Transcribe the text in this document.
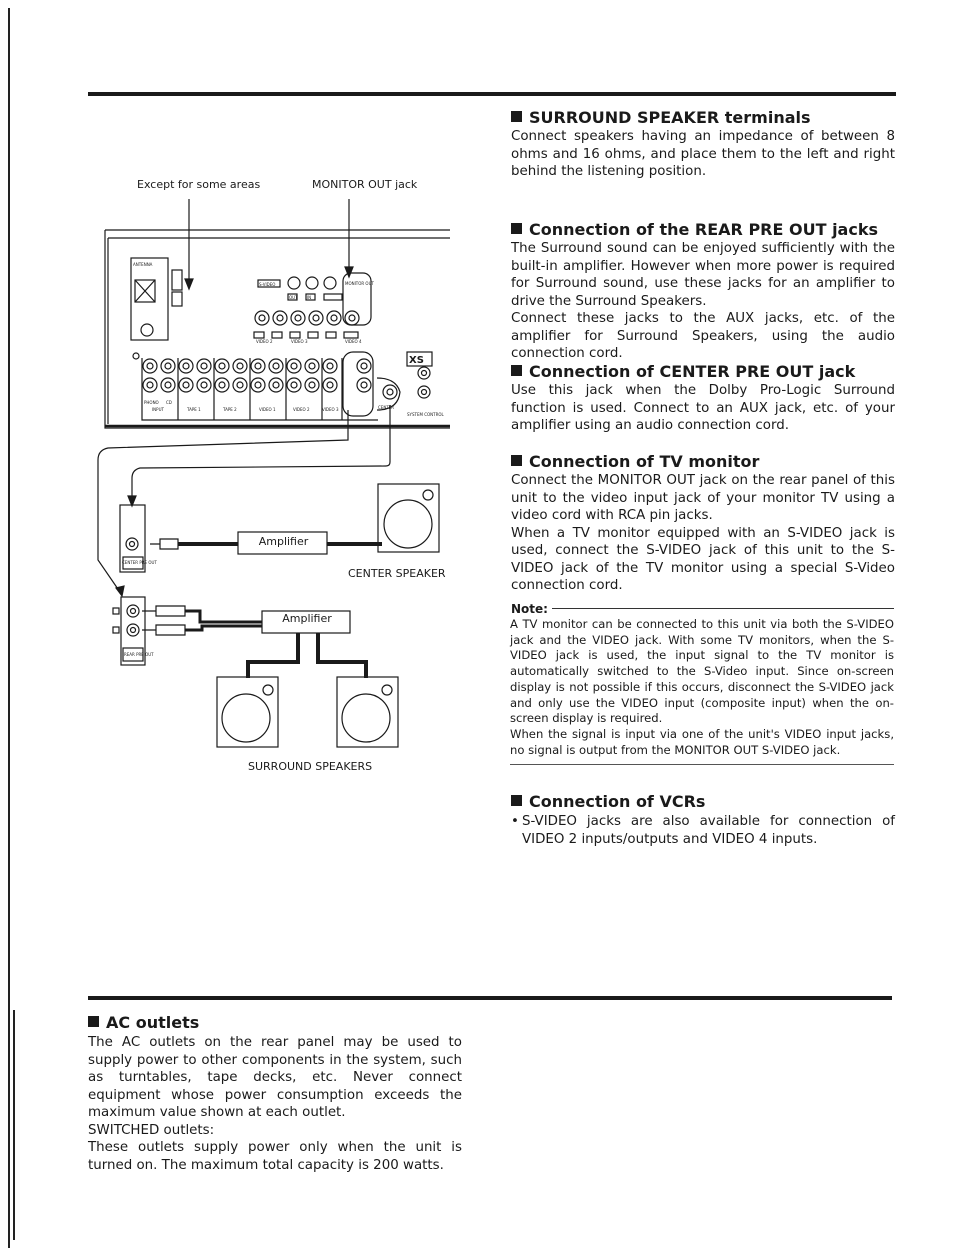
SURROUND SPEAKER terminals

Connect speakers having an impedance of between 8 ohms and 16 ohms, and place them to the left and right behind the listening position.

Connection of the REAR PRE OUT jacks

The Surround sound can be enjoyed sufficiently with the built-in amplifier. However when more power is required for Surround sound, use these jacks for an amplifier to drive the Surround Speakers.

Connect these jacks to the AUX jacks, etc. of the amplifier for Surround Speakers, using the audio connection cord.

Connection of CENTER PRE OUT jack

Use this jack when the Dolby Pro-Logic Surround function is used. Connect to an AUX jack, etc. of your amplifier using an audio connection cord.

Connection of TV monitor

Connect the MONITOR OUT jack on the rear panel of this unit to the video input jack of your monitor TV using a video cord with RCA pin jacks.

When a TV monitor equipped with an S-VIDEO jack is used, connect the S-VIDEO jack of this unit to the S-VIDEO jack of the TV monitor using a special S-Video connection cord.

Note:

A TV monitor can be connected to this unit via both the S-VIDEO jack and the VIDEO jack. With some TV monitors, when the S-VIDEO jack is used, the input signal to the TV monitor is automatically switched to the S-Video input. Since on-screen display is not possible if this occurs, disconnect the S-VIDEO jack and only use the VIDEO input (composite input) when the on-screen display is required.

When the signal is input via one of the unit's VIDEO input jacks, no signal is output from the MONITOR OUT S-VIDEO jack.

Connection of VCRs
• S-VIDEO jacks are also available for connection of VIDEO 2 inputs/outputs and VIDEO 4 inputs.
AC outlets

The AC outlets on the rear panel may be used to supply power to other components in the system, such as turntables, tape decks, etc. Never connect equipment whose power consumption exceeds the maximum value shown at each outlet.

SWITCHED outlets:

These outlets supply power only when the unit is turned on. The maximum total capacity is 200 watts.

Except for some areas	MONITOR OUT jack
ANTENNA
S-VIDEO	MONITOR OUT
OUT IN
VIDEO 2	VIDEO 3	VIDEO 4
PHONO CD
INPUT	TAPE 1	TAPE 2	VIDEO 1	VIDEO 2	VIDEO 3	CENTER
SYSTEM CONTROL
CENTER PRE OUT
REAR PRE OUT
XS
Amplifier
CENTER SPEAKER
Amplifier
SURROUND SPEAKERS
